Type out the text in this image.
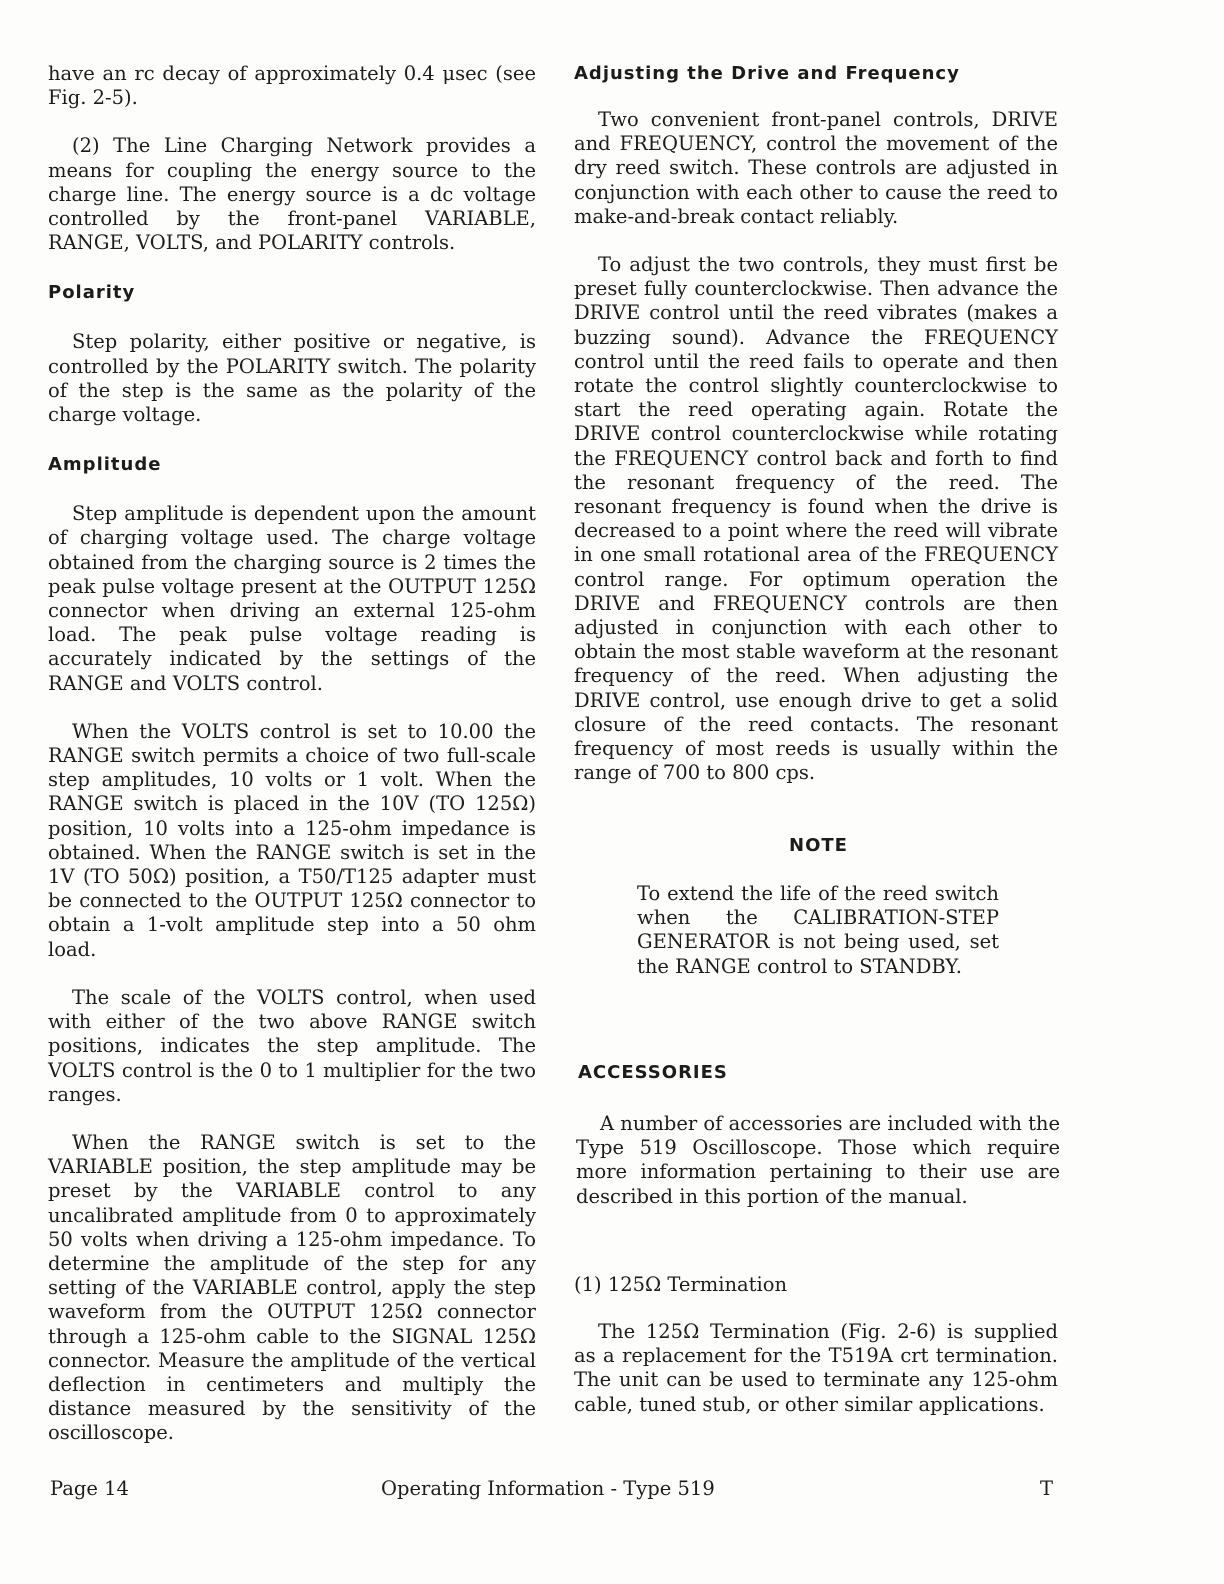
have an rc decay of approximately 0.4 μsec (see Fig. 2-5).

(2) The Line Charging Network provides a means for coupling the energy source to the charge line. The energy source is a dc voltage controlled by the front-panel VARIABLE, RANGE, VOLTS, and POLARITY controls.

Polarity

Step polarity, either positive or negative, is controlled by the POLARITY switch. The polarity of the step is the same as the polarity of the charge voltage.

Amplitude

Step amplitude is dependent upon the amount of charging voltage used. The charge voltage obtained from the charging source is 2 times the peak pulse voltage present at the OUTPUT 125Ω connector when driving an external 125-ohm load. The peak pulse voltage reading is accurately indicated by the settings of the RANGE and VOLTS control.

When the VOLTS control is set to 10.00 the RANGE switch permits a choice of two full-scale step amplitudes, 10 volts or 1 volt. When the RANGE switch is placed in the 10V (TO 125Ω) position, 10 volts into a 125-ohm impedance is obtained. When the RANGE switch is set in the 1V (TO 50Ω) position, a T50/T125 adapter must be connected to the OUTPUT 125Ω connector to obtain a 1-volt amplitude step into a 50 ohm load.

The scale of the VOLTS control, when used with either of the two above RANGE switch positions, indicates the step amplitude. The VOLTS control is the 0 to 1 multiplier for the two ranges.

When the RANGE switch is set to the VARIABLE position, the step amplitude may be preset by the VARIABLE control to any uncalibrated amplitude from 0 to approximately 50 volts when driving a 125-ohm impedance. To determine the amplitude of the step for any setting of the VARIABLE control, apply the step waveform from the OUTPUT 125Ω connector through a 125-ohm cable to the SIGNAL 125Ω connector. Measure the amplitude of the vertical deflection in centimeters and multiply the distance measured by the sensitivity of the oscilloscope.

Adjusting the Drive and Frequency

Two convenient front-panel controls, DRIVE and FREQUENCY, control the movement of the dry reed switch. These controls are adjusted in conjunction with each other to cause the reed to make-and-break contact reliably.

To adjust the two controls, they must first be preset fully counterclockwise. Then advance the DRIVE control until the reed vibrates (makes a buzzing sound). Advance the FREQUENCY control until the reed fails to operate and then rotate the control slightly counterclockwise to start the reed operating again. Rotate the DRIVE control counterclockwise while rotating the FREQUENCY control back and forth to find the resonant frequency of the reed. The resonant frequency is found when the drive is decreased to a point where the reed will vibrate in one small rotational area of the FREQUENCY control range. For optimum operation the DRIVE and FREQUENCY controls are then adjusted in conjunction with each other to obtain the most stable waveform at the resonant frequency of the reed. When adjusting the DRIVE control, use enough drive to get a solid closure of the reed contacts. The resonant frequency of most reeds is usually within the range of 700 to 800 cps.

NOTE

To extend the life of the reed switch when the CALIBRATION-STEP GENERATOR is not being used, set the RANGE control to STANDBY.

ACCESSORIES

A number of accessories are included with the Type 519 Oscilloscope. Those which require more information pertaining to their use are described in this portion of the manual.

(1) 125Ω Termination

The 125Ω Termination (Fig. 2-6) is supplied as a replacement for the T519A crt termination. The unit can be used to terminate any 125-ohm cable, tuned stub, or other similar applications.

Page 14	Operating Information - Type 519	T
